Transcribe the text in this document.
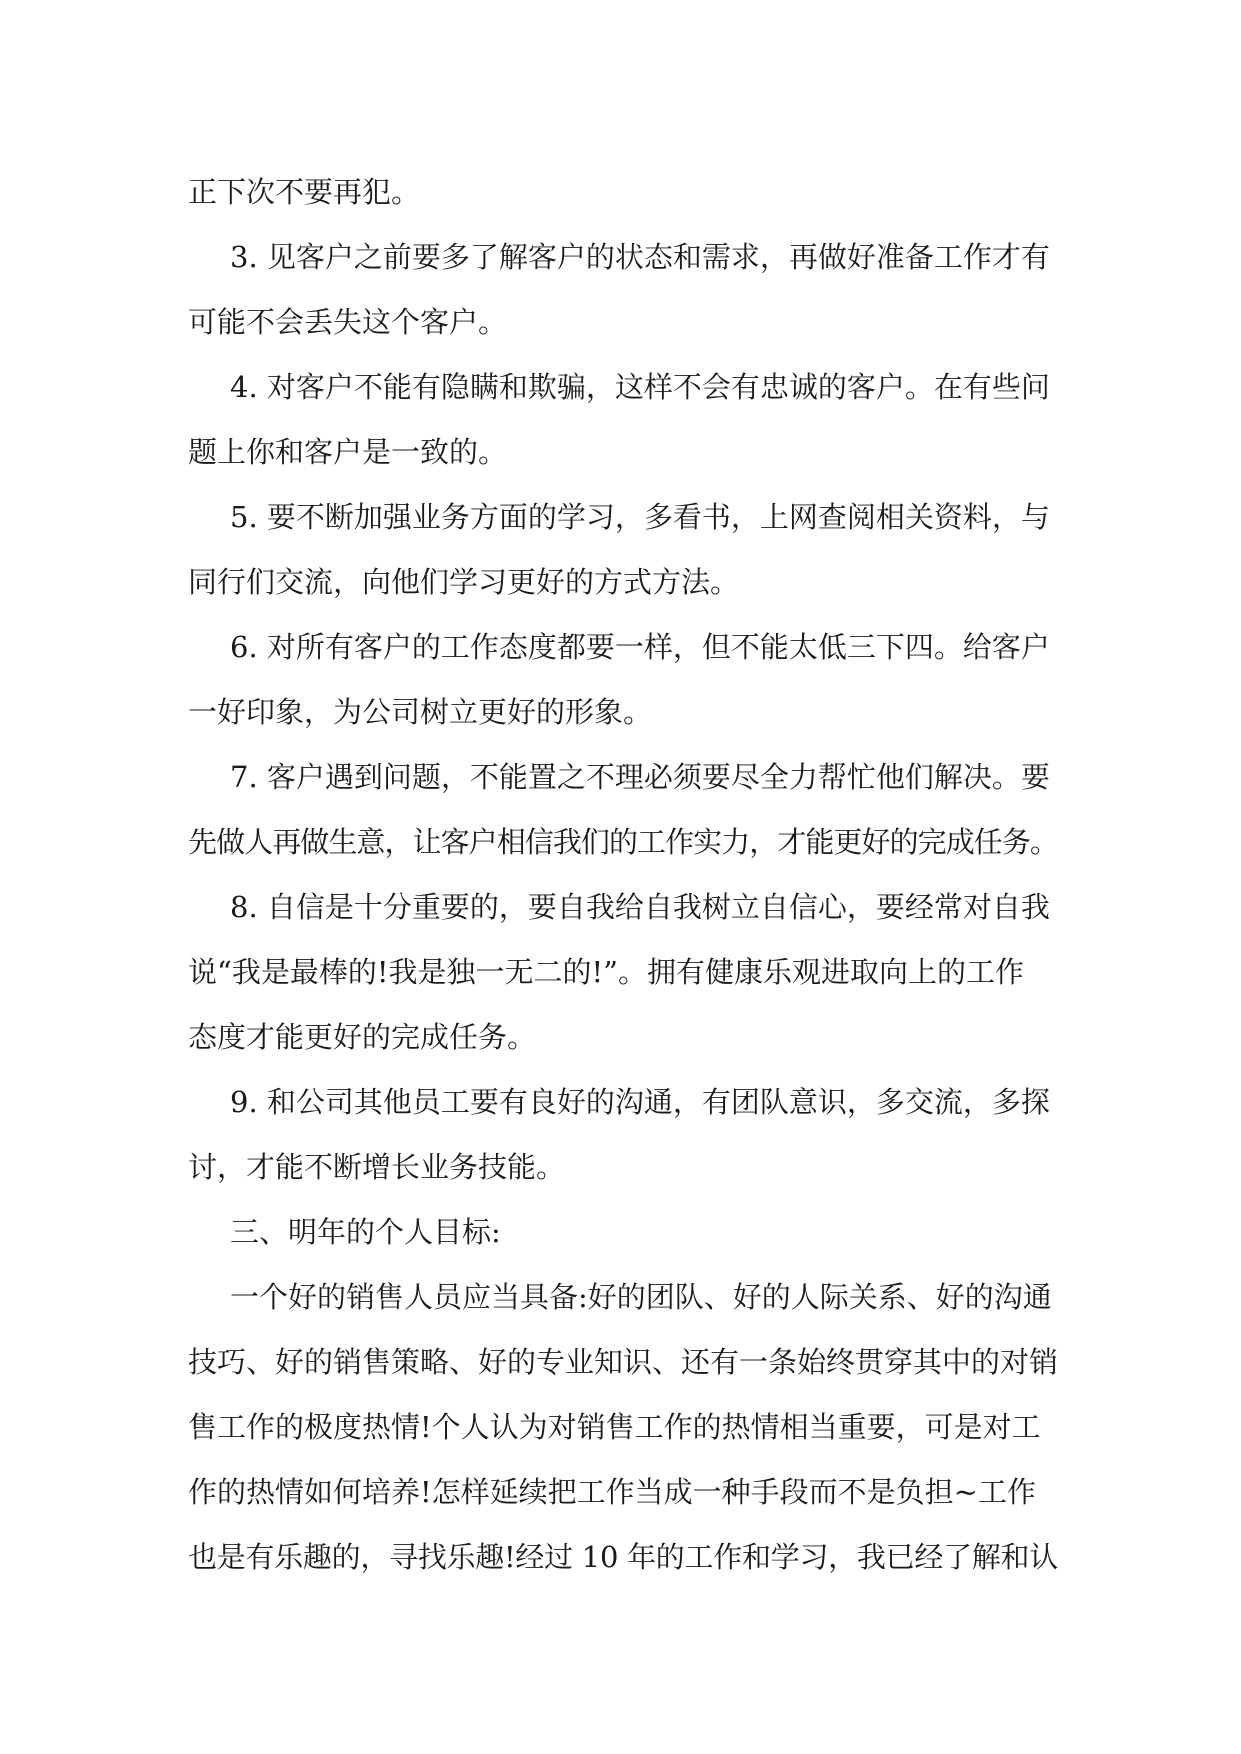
正下次不要再犯。
3. 见客户之前要多了解客户的状态和需求，再做好准备工作才有
可能不会丢失这个客户。
4. 对客户不能有隐瞒和欺骗，这样不会有忠诚的客户。在有些问
题上你和客户是一致的。
5. 要不断加强业务方面的学习，多看书，上网查阅相关资料，与
同行们交流，向他们学习更好的方式方法。
6. 对所有客户的工作态度都要一样，但不能太低三下四。给客户
一好印象，为公司树立更好的形象。
7. 客户遇到问题，不能置之不理必须要尽全力帮忙他们解决。要
先做人再做生意，让客户相信我们的工作实力，才能更好的完成任务。
8. 自信是十分重要的，要自我给自我树立自信心，要经常对自我
说“我是最棒的!我是独一无二的!”。拥有健康乐观进取向上的工作
态度才能更好的完成任务。
9. 和公司其他员工要有良好的沟通，有团队意识，多交流，多探
讨，才能不断增长业务技能。
三、明年的个人目标:
一个好的销售人员应当具备:好的团队、好的人际关系、好的沟通
技巧、好的销售策略、好的专业知识、还有一条始终贯穿其中的对销
售工作的极度热情!个人认为对销售工作的热情相当重要，可是对工
作的热情如何培养!怎样延续把工作当成一种手段而不是负担~工作
也是有乐趣的，寻找乐趣!经过 10 年的工作和学习，我已经了解和认
